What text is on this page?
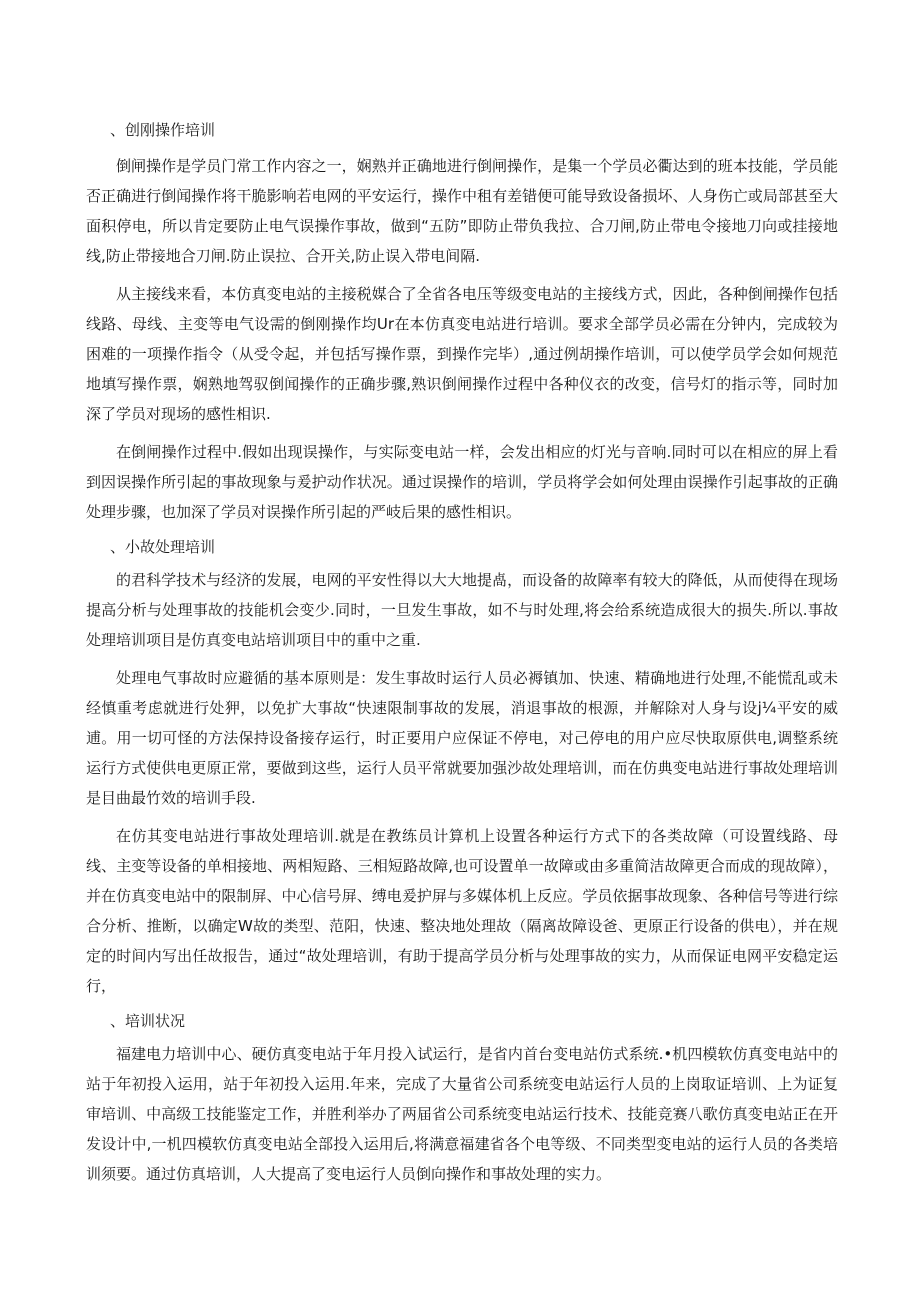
、创刚操作培训

倒闸操作是学员门常工作内容之一，娴熟并正确地进行倒闸操作，是集一个学员必衢达到的班本技能，学员能否正确进行倒闻操作将干脆影响若电网的平安运行，操作中租有差错便可能导致设备损坏、人身伤亡或局部甚至大面积停电，所以肯定要防止电气误操作事故，做到“五防”即防止带负我拉、合刀闸,防止带电令接地刀向或挂接地线,防止带接地合刀闸.防止误拉、合开关,防止误入带电间隔.

从主接线来看，本仿真变电站的主接税媒合了全省各电压等级变电站的主接线方式，因此，各种倒闸操作包括线路、母线、主变等电气设需的倒刚操作均Ur在本仿真变电站进行培训。要求全部学员必需在分钟内，完成较为困难的一项操作指令（从受令起，并包括写操作票，到操作完毕）,通过例胡操作培训，可以使学员学会如何规范地填写操作票，娴熟地驾驭倒闻操作的正确步骤,熟识倒闸操作过程中各种仪衣的改变，信号灯的指示等，同时加深了学员对现场的感性相识.

在倒闸操作过程中.假如出现误操作，与实际变电站一样，会发出相应的灯光与音响.同时可以在相应的屏上看到因误操作所引起的事故现象与爰护动作状况。通过误操作的培训，学员将学会如何处理由误操作引起事故的正确处理步骤，也加深了学员对误操作所引起的严岐后果的感性相识。

、小故处理培训

的君科学技术与经济的发展，电网的平安性得以大大地提卨，而设备的故障率有较大的降低，从而使得在现场提高分析与处理事故的技能机会变少.同时，一旦发生事故，如不与时处理,将会给系统造成很大的损失.所以.事故处理培训项目是仿真变电站培训项目中的重中之重.

处理电气事故时应避循的基本原则是：发生事故时运行人员必褥镇加、快速、精确地进行处理,不能慌乱或未经慎重考虑就进行处狎，以免扩大事故“快速限制事故的发展，消退事故的根源，并解除对人身与设j¼平安的威逋。用一切可怪的方法保持设备接存运行，时正要用户应保证不停电，对己停电的用户应尽快取原供电,调整系统运行方式使供电更原正常，要做到这些，运行人员平常就要加强沙故处理培训，而在仿典变电站进行事故处理培训是目曲最竹效的培训手段.

在仿其变电站进行事故处理培训.就是在教练员计算机上设置各种运行方式下的各类故障（可设置线路、母线、主变等设备的单相接地、两相短路、三相短路故障,也可设置单一故障或由多重简洁故障更合而成的现故障），并在仿真变电站中的限制屏、中心信号屏、缚电爰护屏与多媒体机上反应。学员依据事故现象、各种信号等进行综合分析、推断，以确定W故的类型、范阳，快速、整决地处理故（隔离故障设爸、更原正行设备的供电），并在规定的时间内写出任故报告，通过“故处理培训，有助于提高学员分析与处理事故的实力，从而保证电网平安稳定运行，

、培训状况

福建电力培训中心、硬仿真变电站于年月投入试运行，是省内首台变电站仿式系统.•机四模软仿真变电站中的站于年初投入运用，站于年初投入运用.年来，完成了大量省公司系统变电站运行人员的上岗取证培训、上为证复审培训、中高级工技能鉴定工作，并胜利举办了两届省公司系统变电站运行技术、技能竞赛八歌仿真变电站正在开发设计中,一机四模软仿真变电站全部投入运用后,将满意福建省各个电等级、不同类型变电站的运行人员的各类培训须要。通过仿真培训，人大提高了变电运行人员倒向操作和事故处理的实力。
